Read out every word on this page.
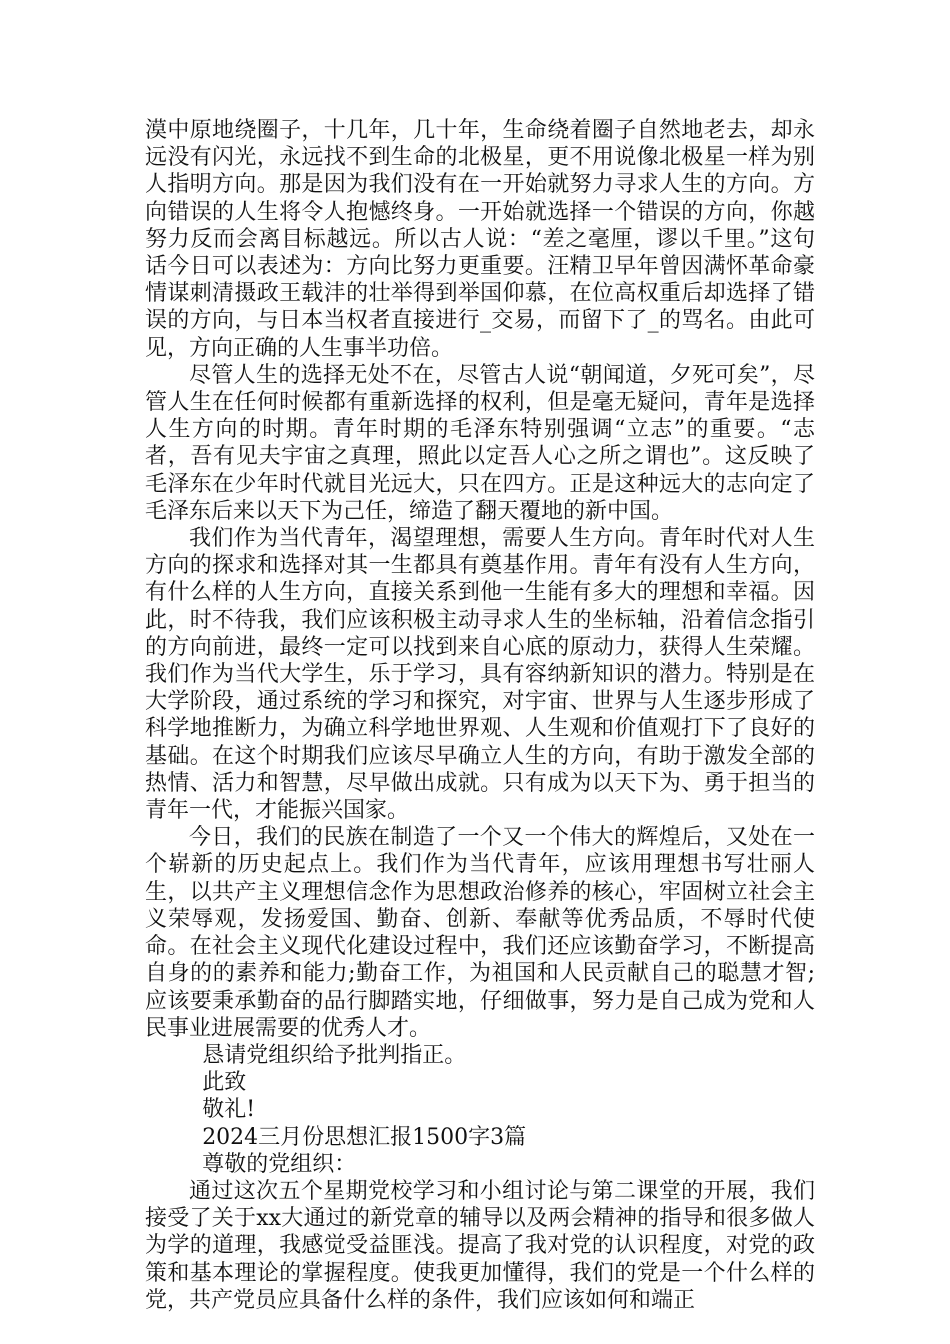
漠中原地绕圈子，十几年，几十年，生命绕着圈子自然地老去，却永远没有闪光，永远找不到生命的北极星，更不用说像北极星一样为别人指明方向。那是因为我们没有在一开始就努力寻求人生的方向。方向错误的人生将令人抱憾终身。一开始就选择一个错误的方向，你越努力反而会离目标越远。所以古人说：“差之毫厘，谬以千里。”这句话今日可以表述为：方向比努力更重要。汪精卫早年曾因满怀革命豪情谋刺清摄政王载沣的壮举得到举国仰慕，在位高权重后却选择了错误的方向，与日本当权者直接进行_交易，而留下了_的骂名。由此可见，方向正确的人生事半功倍。

尽管人生的选择无处不在，尽管古人说“朝闻道，夕死可矣”，尽管人生在任何时候都有重新选择的权利，但是毫无疑问，青年是选择人生方向的时期。青年时期的毛泽东特别强调“立志”的重要。“志者，吾有见夫宇宙之真理，照此以定吾人心之所之谓也”。这反映了毛泽东在少年时代就目光远大，只在四方。正是这种远大的志向定了毛泽东后来以天下为己任，缔造了翻天覆地的新中国。

我们作为当代青年，渴望理想，需要人生方向。青年时代对人生方向的探求和选择对其一生都具有奠基作用。青年有没有人生方向，有什么样的人生方向，直接关系到他一生能有多大的理想和幸福。因此，时不待我，我们应该积极主动寻求人生的坐标轴，沿着信念指引的方向前进，最终一定可以找到来自心底的原动力，获得人生荣耀。我们作为当代大学生，乐于学习，具有容纳新知识的潜力。特别是在大学阶段，通过系统的学习和探究，对宇宙、世界与人生逐步形成了科学地推断力，为确立科学地世界观、人生观和价值观打下了良好的基础。在这个时期我们应该尽早确立人生的方向，有助于激发全部的热情、活力和智慧，尽早做出成就。只有成为以天下为、勇于担当的青年一代，才能振兴国家。

今日，我们的民族在制造了一个又一个伟大的辉煌后，又处在一个崭新的历史起点上。我们作为当代青年，应该用理想书写壮丽人生，以共产主义理想信念作为思想政治修养的核心，牢固树立社会主义荣辱观，发扬爱国、勤奋、创新、奉献等优秀品质，不辱时代使命。在社会主义现代化建设过程中，我们还应该勤奋学习，不断提高自身的的素养和能力;勤奋工作，为祖国和人民贡献自己的聪慧才智;应该要秉承勤奋的品行脚踏实地，仔细做事，努力是自己成为党和人民事业进展需要的优秀人才。

恳请党组织给予批判指正。

此致

敬礼!

2024三月份思想汇报1500字3篇

尊敬的党组织：

通过这次五个星期党校学习和小组讨论与第二课堂的开展，我们接受了关于xx大通过的新党章的辅导以及两会精神的指导和很多做人为学的道理，我感觉受益匪浅。提高了我对党的认识程度，对党的政策和基本理论的掌握程度。使我更加懂得，我们的党是一个什么样的党，共产党员应具备什么样的条件，我们应该如何和端正
